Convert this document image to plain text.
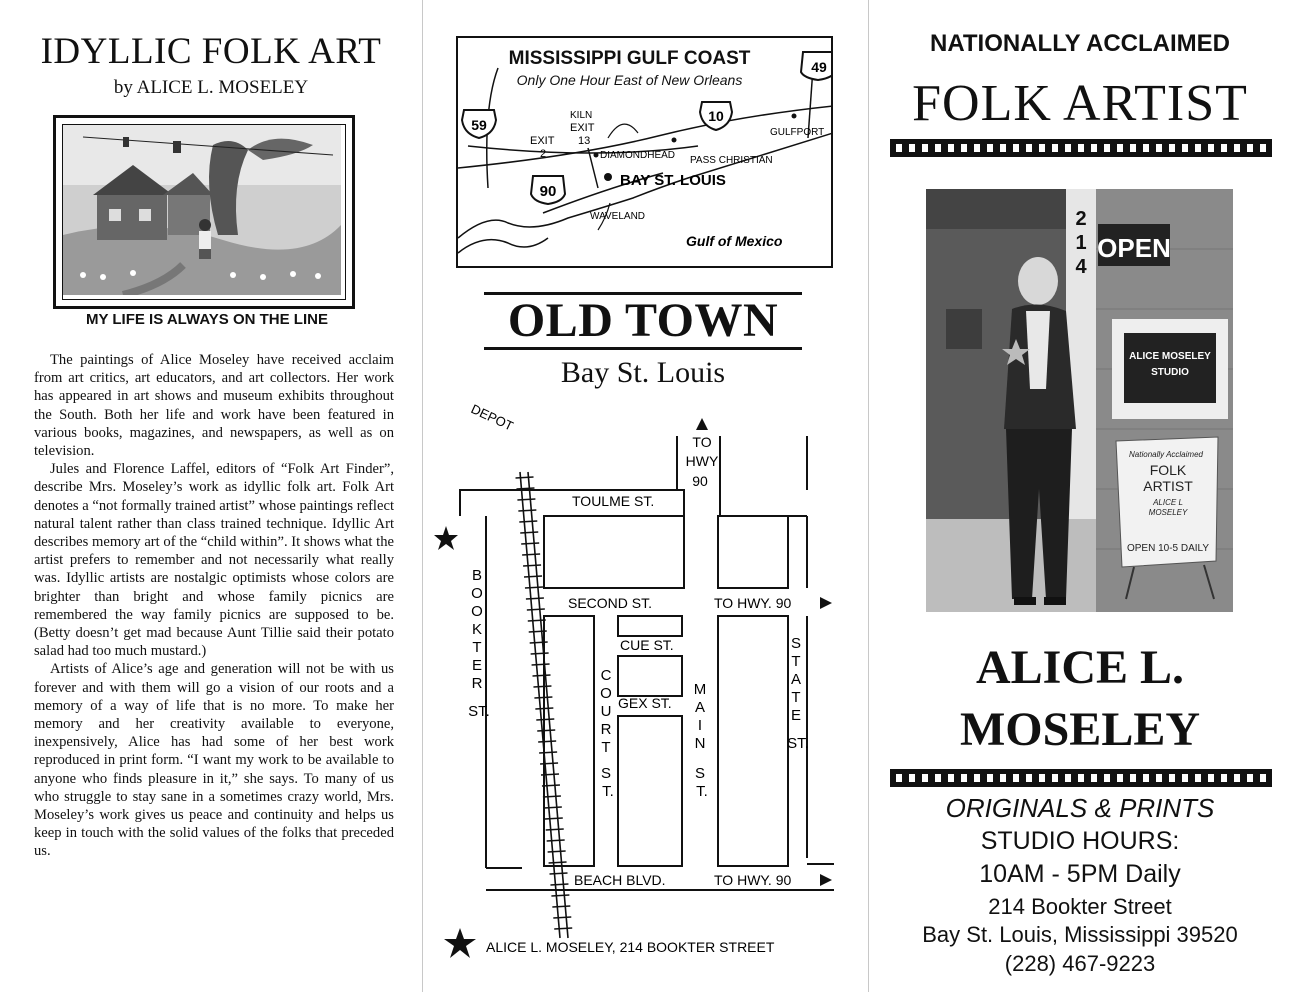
IDYLLIC FOLK ART
by ALICE L. MOSELEY
MY LIFE IS ALWAYS ON THE LINE

The paintings of Alice Moseley have received acclaim from art critics, art educators, and art collectors. Her work has appeared in art shows and museum exhibits throughout the South. Both her life and work have been featured in various books, magazines, and newspapers, as well as on television.

Jules and Florence Laffel, editors of “Folk Art Finder”, describe Mrs. Moseley’s work as idyllic folk art. Folk Art denotes a “not formally trained artist” whose paintings reflect natural talent rather than class trained technique. Idyllic Art describes memory art of the “child within”. It shows what the artist prefers to remember and not necessarily what really was. Idyllic artists are nostalgic optimists whose colors are brighter than bright and whose family picnics are remembered the way family picnics are supposed to be. (Betty doesn’t get mad because Aunt Tillie said their potato salad had too much mustard.)

Artists of Alice’s age and generation will not be with us forever and with them will go a vision of our roots and a memory of a way of life that is no more. To make her memory and her creativity available to everyone, inexpensively, Alice has had some of her best work reproduced in print form. “I want my work to be available to anyone who finds pleasure in it,” she says. To many of us who struggle to stay sane in a sometimes crazy world, Mrs. Moseley’s work gives us peace and continuity and helps us keep in touch with the solid values of the folks that preceded us.

MISSISSIPPI GULF COAST
Only One Hour East of New Orleans
59
10
90
49
KILN
EXIT
13
EXIT
2	DIAMONDHEAD PASS CHRISTIAN
GULFPORT
BAY ST. LOUIS
WAVELAND
Gulf of Mexico
OLD TOWN
Bay St. Louis
TO
HWY
90
DEPOT
TOULME ST.
SECOND ST.	TO HWY. 90
CUE ST.
GEX ST.
BEACH BLVD.	TO HWY. 90
B
O
O
K
T
E
R
ST.
C
O
U
R
T
S
T.
M
A
I
N
S
T.
S
T
A
T
E
ST.
ALICE L. MOSELEY, 214 BOOKTER STREET
NATIONALLY ACCLAIMED
FOLK ARTIST
2
1
4
OPEN
ALICE MOSELEY
STUDIO
Nationally Acclaimed
FOLK
ARTIST
ALICE L
MOSELEY
OPEN 10-5 DAILY
ALICE L.
MOSELEY
ORIGINALS & PRINTS
STUDIO HOURS:
10AM - 5PM Daily
214 Bookter Street
Bay St. Louis, Mississippi 39520
(228) 467-9223
